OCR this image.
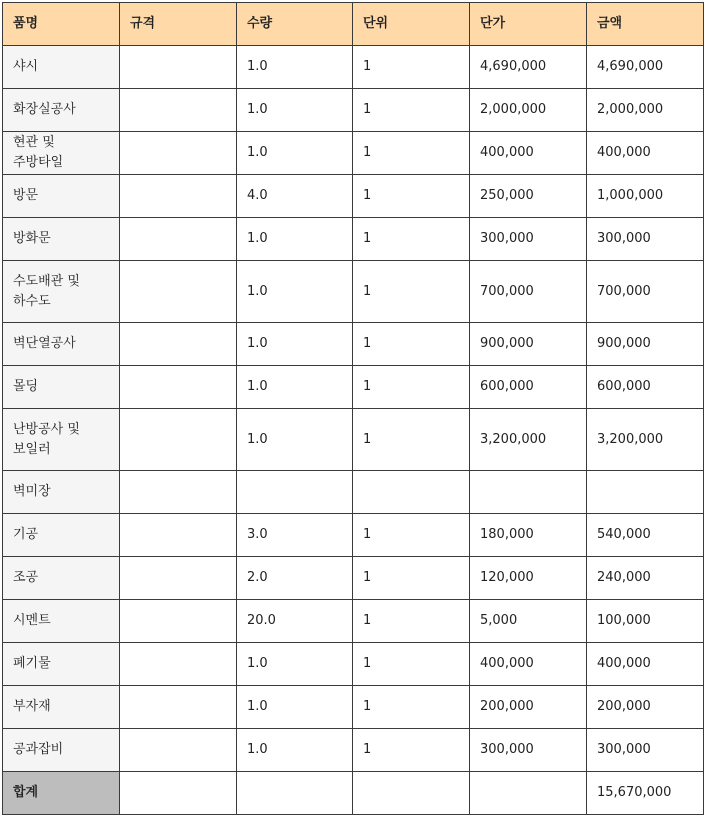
품명	규격	수량	단위	단가	금액
샤시		1.0	1	4,690,000	4,690,000
화장실공사		1.0	1	2,000,000	2,000,000
현관 및 주방타일		1.0	1	400,000	400,000
방문		4.0	1	250,000	1,000,000
방화문		1.0	1	300,000	300,000
수도배관 및 하수도		1.0	1	700,000	700,000
벽단열공사		1.0	1	900,000	900,000
몰딩		1.0	1	600,000	600,000
난방공사 및 보일러		1.0	1	3,200,000	3,200,000
벽미장					
기공		3.0	1	180,000	540,000
조공		2.0	1	120,000	240,000
시멘트		20.0	1	5,000	100,000
폐기물		1.0	1	400,000	400,000
부자재		1.0	1	200,000	200,000
공과잡비		1.0	1	300,000	300,000
합계					15,670,000
